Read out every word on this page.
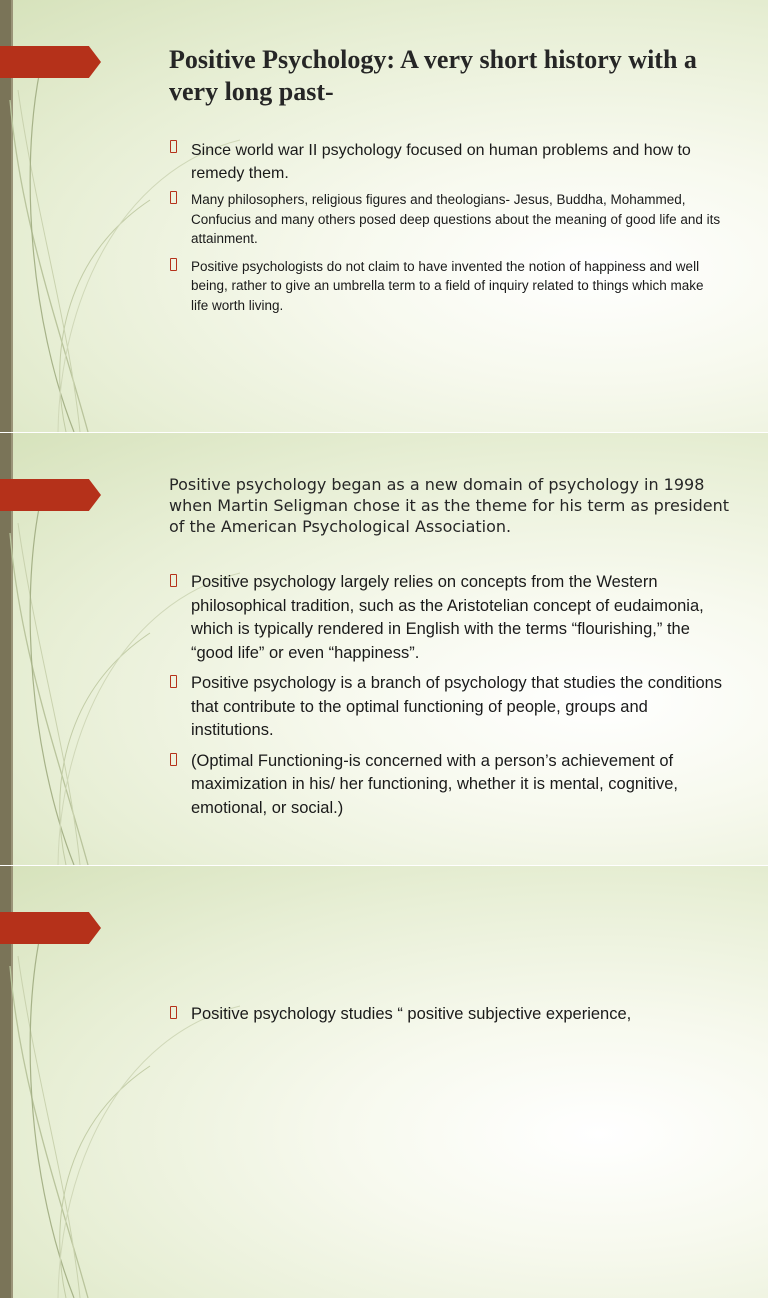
Positive Psychology: A very short history with a very long past-
Since world war II psychology focused on human problems and how to remedy them.
Many philosophers, religious figures and theologians- Jesus, Buddha, Mohammed, Confucius and many others posed deep questions about the meaning of good life and its attainment.
Positive psychologists do not claim to have invented the notion of happiness and well being, rather to give an umbrella term to a field of inquiry related to things which make life worth living.

Positive psychology began as a new domain of psychology in 1998 when Martin Seligman chose it as the theme for his term as president of the American Psychological Association.

Positive psychology largely relies on concepts from the Western philosophical tradition, such as the Aristotelian concept of eudaimonia, which is typically rendered in English with the terms “flourishing,” the “good life” or even “happiness”.
Positive psychology is a branch of psychology that studies the conditions that contribute to the optimal functioning of people, groups and institutions.
(Optimal Functioning-is concerned with a person’s achievement of maximization in his/ her functioning, whether it is mental, cognitive, emotional, or social.)
Positive psychology studies “ positive subjective experience,
